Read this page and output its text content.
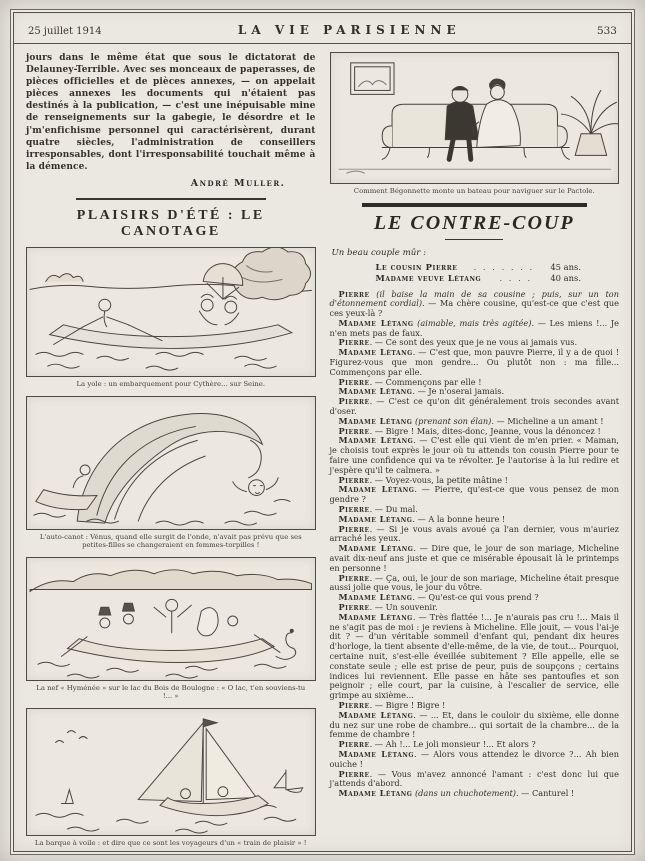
25 juillet 1914	LA VIE PARISIENNE	533

jours dans le même état que sous le dictatorat de Delauney-Terrible. Avec ses monceaux de paperasses, de pièces officielles et de pièces annexes, — on appelait pièces annexes les documents qui n'étaient pas destinés à la publication, — c'est une inépuisable mine de renseignements sur la gabegie, le désordre et le j'm'enfichisme personnel qui caractérisèrent, durant quatre siècles, l'administration de conseillers irresponsables, dont l'irresponsabilité touchait même à la démence.

André Muller.
PLAISIRS D'ÉTÉ : LE CANOTAGE
La yole : un embarquement pour Cythère... sur Seine.
L'auto-canot : Vénus, quand elle surgit de l'onde, n'avait pas prévu que ses petites-filles se changeraient en femmes-torpilles !
La nef « Hyménée » sur le lac du Bois de Boulogne : « O lac, t'en souviens-tu !... »
La barque à voile : et dire que ce sont les voyageurs d'un « train de plaisir » !
Comment Bégonnette monte un bateau pour naviguer sur le Pactole.
LE CONTRE-COUP

Un beau couple mûr :

Le cousin Pierre	. . . . . . .	45 ans.
Madame veuve Létang	. . . .	40 ans.

Pierre (il baise la main de sa cousine ; puis, sur un ton d'étonnement cordial). — Ma chère cousine, qu'est-ce que c'est que ces yeux-là ?

Madame Létang (aimable, mais très agitée). — Les miens !... Je n'en mets pas de faux.

Pierre. — Ce sont des yeux que je ne vous ai jamais vus.

Madame Létang. — C'est que, mon pauvre Pierre, il y a de quoi ! Figurez-vous que mon gendre... Ou plutôt non : ma fille... Commençons par elle.

Pierre. — Commençons par elle !

Madame Létang. — Je n'oserai jamais.

Pierre. — C'est ce qu'on dit généralement trois secondes avant d'oser.

Madame Létang (prenant son élan). — Micheline a un amant !

Pierre. — Bigre ! Mais, dites-donc, Jeanne, vous la dénoncez !

Madame Létang. — C'est elle qui vient de m'en prier. « Maman, je choisis tout exprès le jour où tu attends ton cousin Pierre pour te faire une confidence qui va te révolter. Je l'autorise à la lui redire et j'espère qu'il te calmera. »

Pierre. — Voyez-vous, la petite mâtine !

Madame Létang. — Pierre, qu'est-ce que vous pensez de mon gendre ?

Pierre. — Du mal.

Madame Létang. — A la bonne heure !

Pierre. — Si je vous avais avoué ça l'an dernier, vous m'auriez arraché les yeux.

Madame Létang. — Dire que, le jour de son mariage, Micheline avait dix-neuf ans juste et que ce misérable épousait là le printemps en personne !

Pierre. — Ça, oui, le jour de son mariage, Micheline était presque aussi jolie que vous, le jour du vôtre.

Madame Létang. — Qu'est-ce qui vous prend ?

Pierre. — Un souvenir.

Madame Létang. — Très flattée !... Je n'aurais pas cru !... Mais il ne s'agit pas de moi : je reviens à Micheline. Elle jouit, — vous l'ai-je dit ? — d'un véritable sommeil d'enfant qui, pendant dix heures d'horloge, la tient absente d'elle-même, de la vie, de tout... Pourquoi, certaine nuit, s'est-elle éveillée subitement ? Elle appelle, elle se constate seule ; elle est prise de peur, puis de soupçons ; certains indices lui reviennent. Elle passe en hâte ses pantoufles et son peignoir ; elle court, par la cuisine, à l'escalier de service, elle grimpe au sixième...

Pierre. — Bigre ! Bigre !

Madame Létang. — ... Et, dans le couloir du sixième, elle donne du nez sur une robe de chambre... qui sortait de la chambre... de la femme de chambre !

Pierre. — Ah !... Le joli monsieur !... Et alors ?

Madame Létang. — Alors vous attendez le divorce ?... Ah bien ouiche !

Pierre. — Vous m'avez annoncé l'amant : c'est donc lui que j'attends d'abord.

Madame Létang (dans un chuchotement). — Canturel !
